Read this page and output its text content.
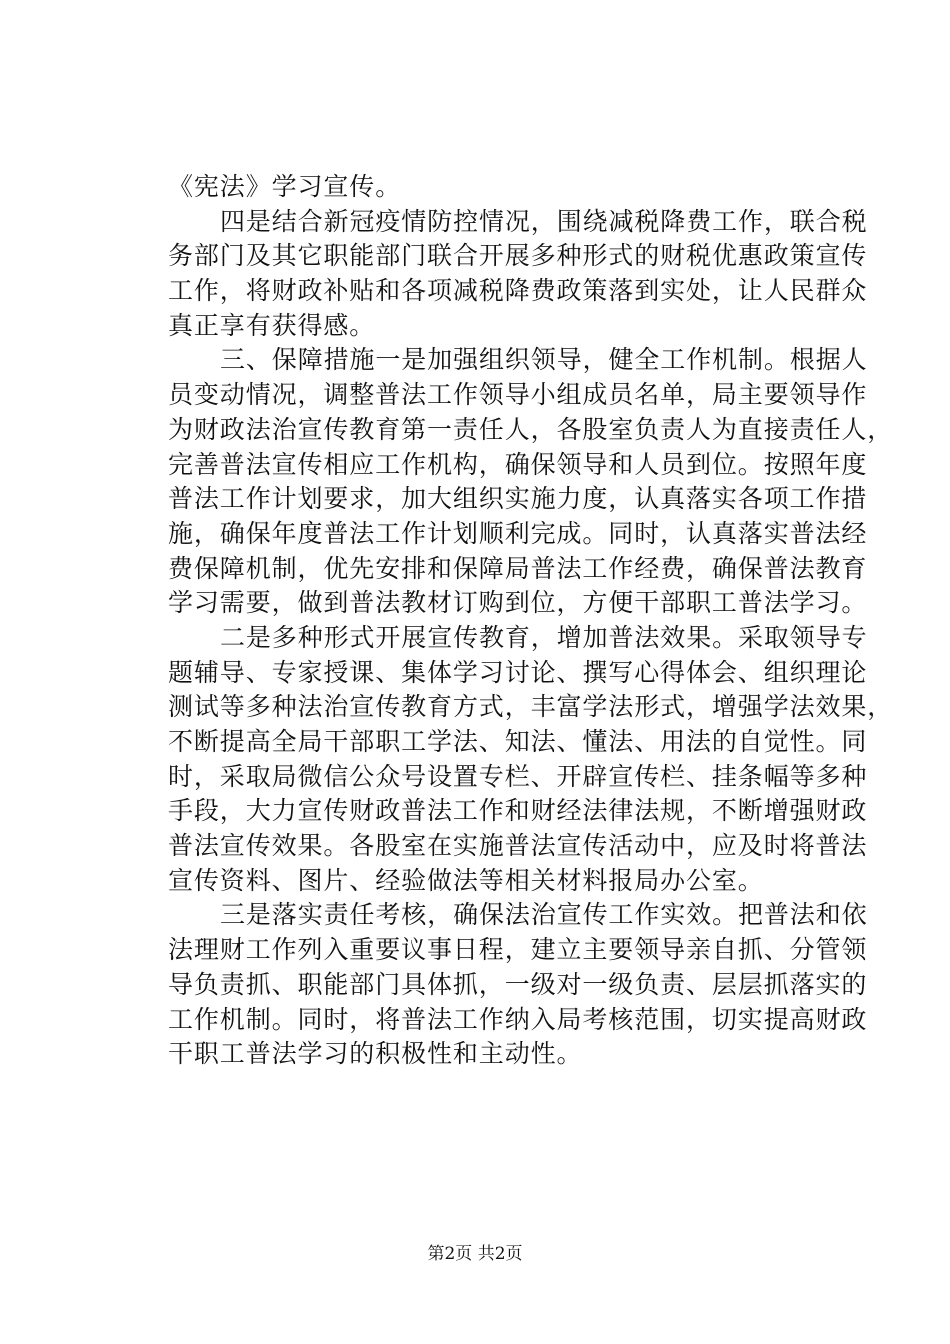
《宪法》学习宣传。
四是结合新冠疫情防控情况，围绕减税降费工作，联合税
务部门及其它职能部门联合开展多种形式的财税优惠政策宣传
工作，将财政补贴和各项减税降费政策落到实处，让人民群众
真正享有获得感。
三、保障措施一是加强组织领导，健全工作机制。根据人
员变动情况，调整普法工作领导小组成员名单，局主要领导作
为财政法治宣传教育第一责任人，各股室负责人为直接责任人，
完善普法宣传相应工作机构，确保领导和人员到位。按照年度
普法工作计划要求，加大组织实施力度，认真落实各项工作措
施，确保年度普法工作计划顺利完成。同时，认真落实普法经
费保障机制，优先安排和保障局普法工作经费，确保普法教育
学习需要，做到普法教材订购到位，方便干部职工普法学习。
二是多种形式开展宣传教育，增加普法效果。采取领导专
题辅导、专家授课、集体学习讨论、撰写心得体会、组织理论
测试等多种法治宣传教育方式，丰富学法形式，增强学法效果，
不断提高全局干部职工学法、知法、懂法、用法的自觉性。同
时，采取局微信公众号设置专栏、开辟宣传栏、挂条幅等多种
手段，大力宣传财政普法工作和财经法律法规，不断增强财政
普法宣传效果。各股室在实施普法宣传活动中，应及时将普法
宣传资料、图片、经验做法等相关材料报局办公室。
三是落实责任考核，确保法治宣传工作实效。把普法和依
法理财工作列入重要议事日程，建立主要领导亲自抓、分管领
导负责抓、职能部门具体抓，一级对一级负责、层层抓落实的
工作机制。同时，将普法工作纳入局考核范围，切实提高财政
干职工普法学习的积极性和主动性。
第2页 共2页
